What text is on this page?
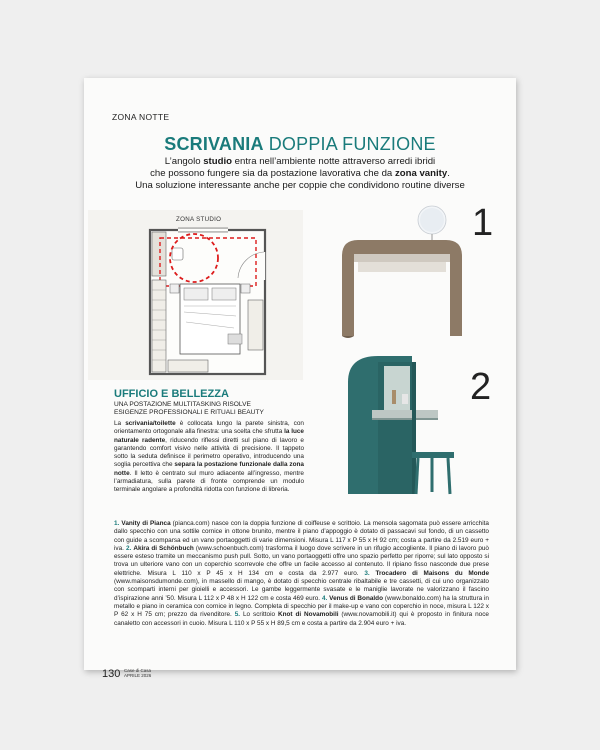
ZONA NOTTE
SCRIVANIA DOPPIA FUNZIONE
L’angolo studio entra nell’ambiente notte attraverso arredi ibridi
che possono fungere sia da postazione lavorativa che da zona vanity.
Una soluzione interessante anche per coppie che condividono routine diverse
ZONA STUDIO	1
2
UFFICIO E BELLEZZA
UNA POSTAZIONE MULTITASKING RISOLVE
ESIGENZE PROFESSIONALI E RITUALI BEAUTY
La scrivania/toilette è collocata lungo la parete sinistra, con orientamento ortogonale alla finestra: una scelta che sfrutta la luce naturale radente, riducendo riflessi diretti sul piano di lavoro e garantendo comfort visivo nelle attività di precisione. Il tappeto sotto la seduta definisce il perimetro operativo, introducendo una soglia percettiva che separa la postazione funzionale dalla zona notte. Il letto è centrato sul muro adiacente all’ingresso, mentre l’armadiatura, sulla parete di fronte comprende un modulo terminale angolare a profondità ridotta con funzione di libreria.
1. Vanity di Pianca (pianca.com) nasce con la doppia funzione di coiffeuse e scrittoio. La mensola sagomata può essere arricchita dallo specchio con una sottile cornice in ottone brunito, mentre il piano d’appoggio è dotato di passacavi sul fondo, di un cassetto con guide a scomparsa ed un vano portaoggetti di varie dimensioni. Misura L 117 x P 55 x H 92 cm; costa a partire da 2.519 euro + iva. 2. Akira di Schönbuch (www.schoenbuch.com) trasforma il luogo dove scrivere in un rifugio accogliente. Il piano di lavoro può essere esteso tramite un meccanismo push pull. Sotto, un vano portaoggetti offre uno spazio perfetto per riporre; sul lato opposto si trova un ulteriore vano con un coperchio scorrevole che offre un facile accesso al contenuto. Il ripiano fisso nasconde due prese elettriche. Misura L 110 x P 45 x H 134 cm e costa da 2.977 euro. 3. Trocadero di Maisons du Monde (www.maisonsdumonde.com), in massello di mango, è dotato di specchio centrale ribaltabile e tre cassetti, di cui uno organizzato con scomparti interni per gioielli e accessori. Le gambe leggermente svasate e le maniglie lavorate ne valorizzano il fascino d’ispirazione anni ’50. Misura L 112 x P 48 x H 122 cm e costa 469 euro. 4. Venus di Bonaldo (www.bonaldo.com) ha la struttura in metallo e piano in ceramica con cornice in legno. Completa di specchio per il make-up e vano con coperchio in noce, misura L 122 x P 62 x H 75 cm; prezzo da rivenditore. 5. Lo scrittoio Knot di Novamobili (www.novamobili.it) qui è proposto in finitura noce canaletto con accessori in cuoio. Misura L 110 x P 55 x H 89,5 cm e costa a partire da 2.904 euro + iva.
130 Case di Casa
APRILE 2026
